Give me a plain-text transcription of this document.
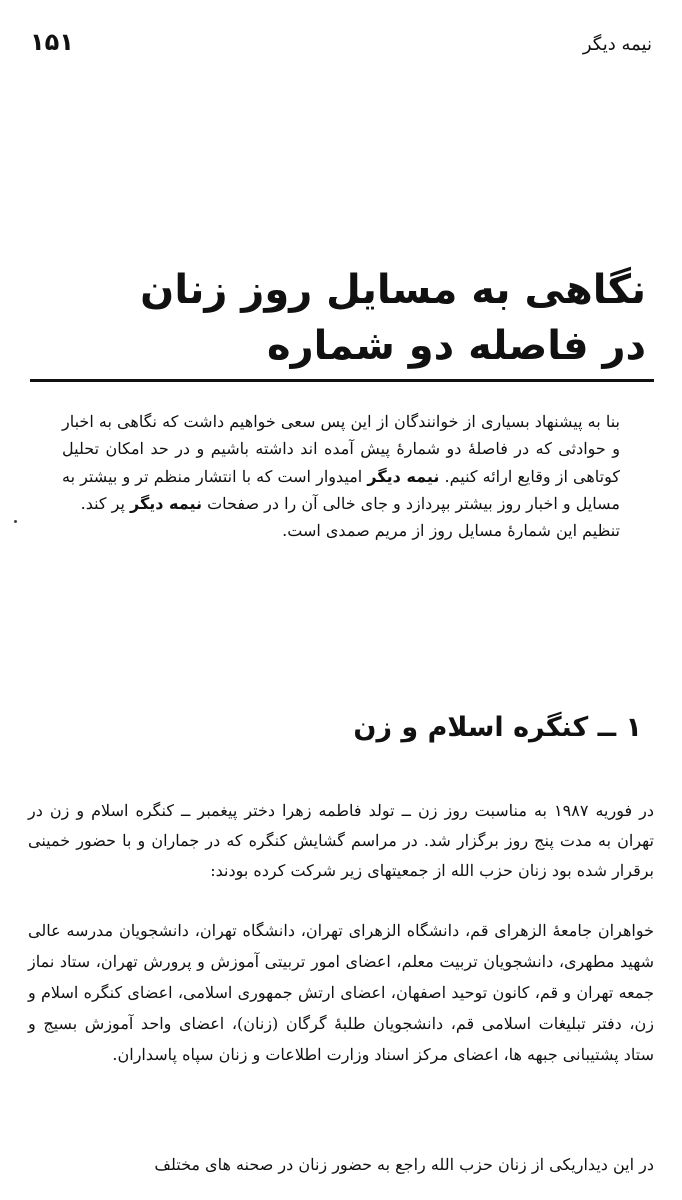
۱۵۱	نیمه دیگر
نگاهی به مسایل روز زنان
در فاصله دو شماره

بنا به پیشنهاد بسیاری از خوانندگان از این پس سعی خواهیم داشت که نگاهی به اخبار و حوادثی که در فاصلهٔ دو شمارهٔ پیش آمده اند داشته باشیم و در حد امکان تحلیل کوتاهی از وقایع ارائه کنیم. نیمه دیگر امیدوار است که با انتشار منظم تر و بیشتر به مسایل و اخبار روز بیشتر بپردازد و جای خالی آن را در صفحات نیمه دیگر پر کند.

تنظیم این شمارهٔ مسایل روز از مریم صمدی است.

۱ ــ کنگره اسلام و زن

در فوریه ۱۹۸۷ به مناسبت روز زن ــ تولد فاطمه زهرا دختر پیغمبر ــ کنگره اسلام و زن در تهران به مدت پنج روز برگزار شد. در مراسم گشایش کنگره که در جماران و با حضور خمینی برقرار شده بود زنان حزب الله از جمعیتهای زیر شرکت کرده بودند:

خواهران جامعهٔ الزهرای قم، دانشگاه الزهرای تهران، دانشگاه تهران، دانشجویان مدرسه عالی شهید مطهری، دانشجویان تربیت معلم، اعضای امور تربیتی آموزش و پرورش تهران، ستاد نماز جمعه تهران و قم، کانون توحید اصفهان، اعضای ارتش جمهوری اسلامی، اعضای کنگره اسلام و زن، دفتر تبلیغات اسلامی قم، دانشجویان طلبهٔ گرگان (زنان)، اعضای واحد آموزش بسیج و ستاد پشتیبانی جبهه ها، اعضای مرکز اسناد وزارت اطلاعات و زنان سپاه پاسداران.

در این دیداریکی از زنان حزب الله راجع به حضور زنان در صحنه های مختلف
